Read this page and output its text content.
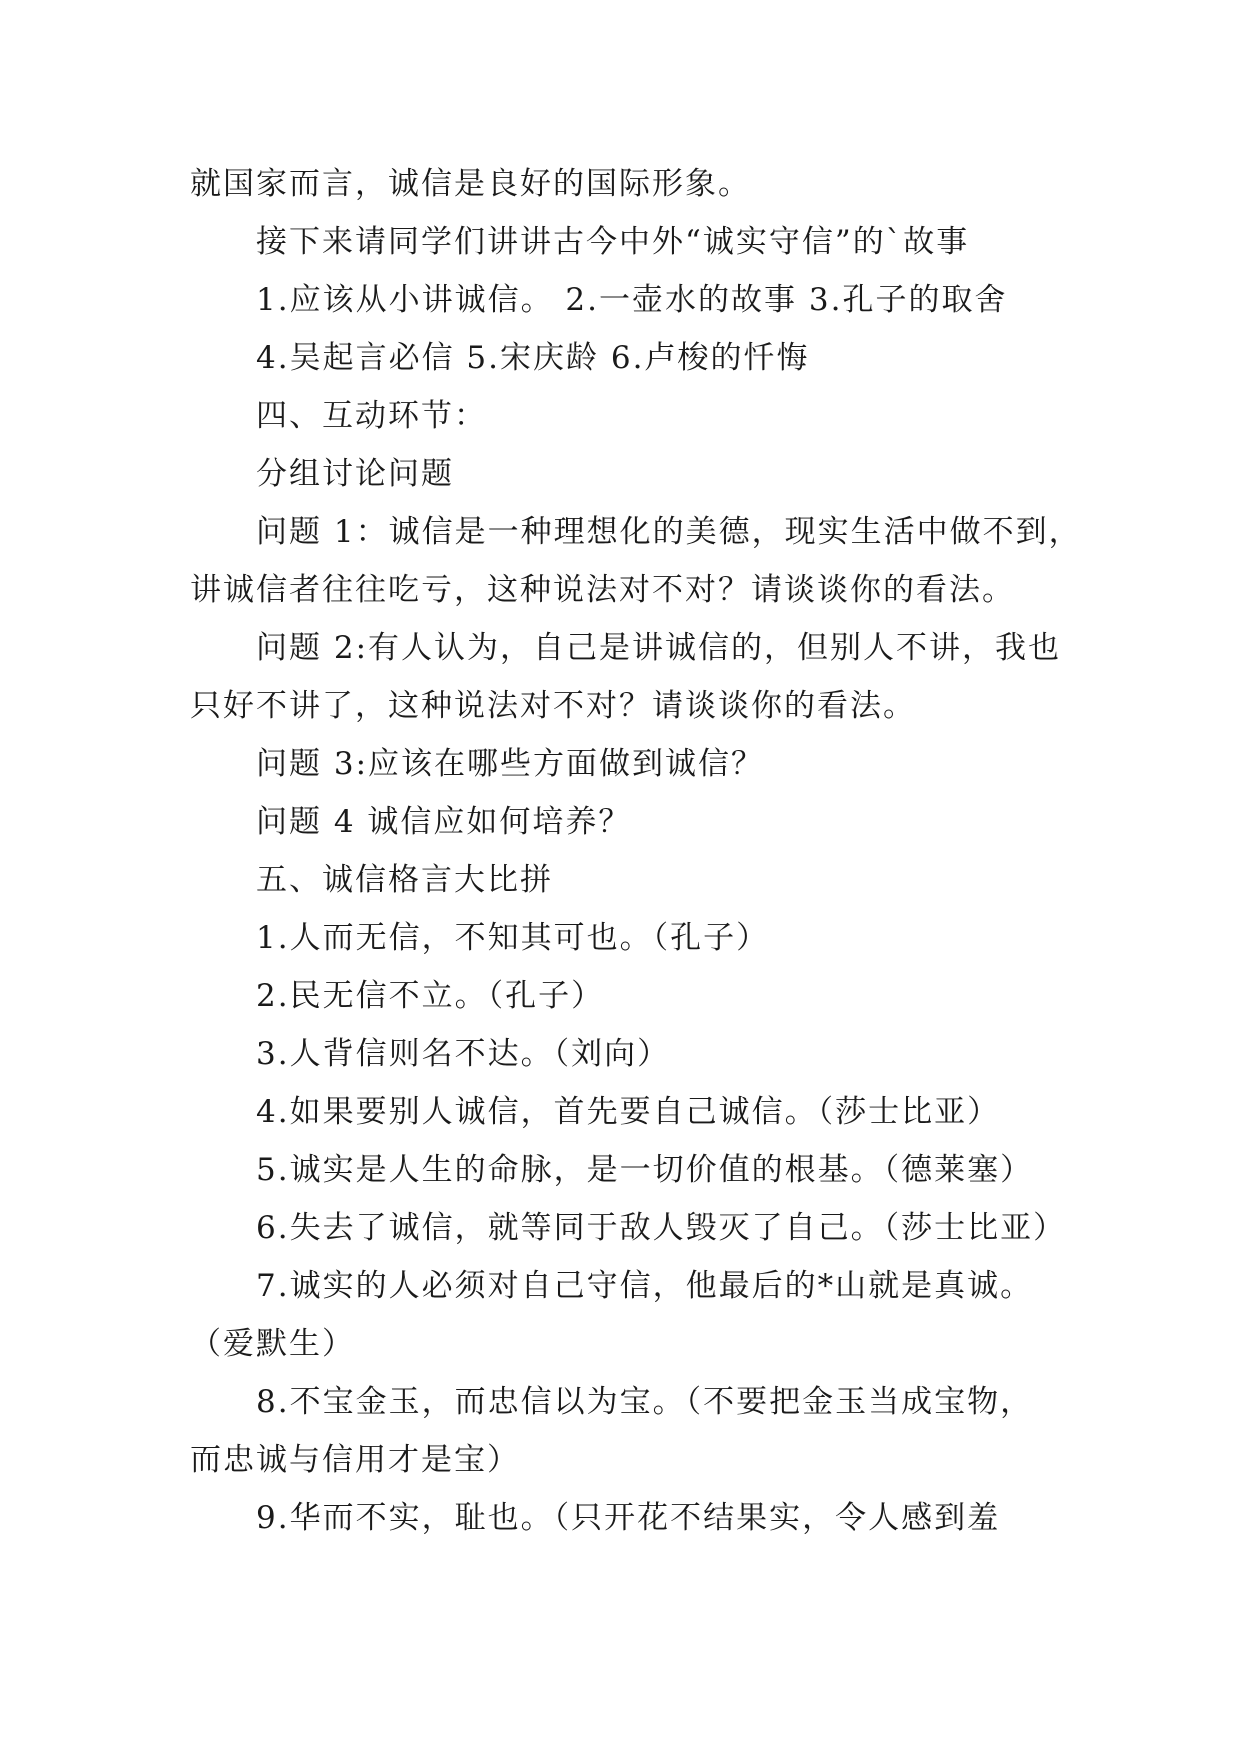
就国家而言，诚信是良好的国际形象。
接下来请同学们讲讲古今中外“诚实守信”的`故事
1.应该从小讲诚信。 2.一壶水的故事 3.孔子的取舍
4.吴起言必信 5.宋庆龄 6.卢梭的忏悔
四、互动环节：
分组讨论问题
问题 1：诚信是一种理想化的美德，现实生活中做不到，
讲诚信者往往吃亏，这种说法对不对？请谈谈你的看法。
问题 2:有人认为，自己是讲诚信的，但别人不讲，我也
只好不讲了，这种说法对不对？请谈谈你的看法。
问题 3:应该在哪些方面做到诚信？
问题 4 诚信应如何培养？
五、诚信格言大比拼
1.人而无信，不知其可也。（孔子）
2.民无信不立。（孔子）
3.人背信则名不达。（刘向）
4.如果要别人诚信，首先要自己诚信。（莎士比亚）
5.诚实是人生的命脉，是一切价值的根基。（德莱塞）
6.失去了诚信，就等同于敌人毁灭了自己。（莎士比亚）
7.诚实的人必须对自己守信，他最后的*山就是真诚。
（爱默生）
8.不宝金玉，而忠信以为宝。（不要把金玉当成宝物，
而忠诚与信用才是宝）
9.华而不实，耻也。（只开花不结果实，令人感到羞
